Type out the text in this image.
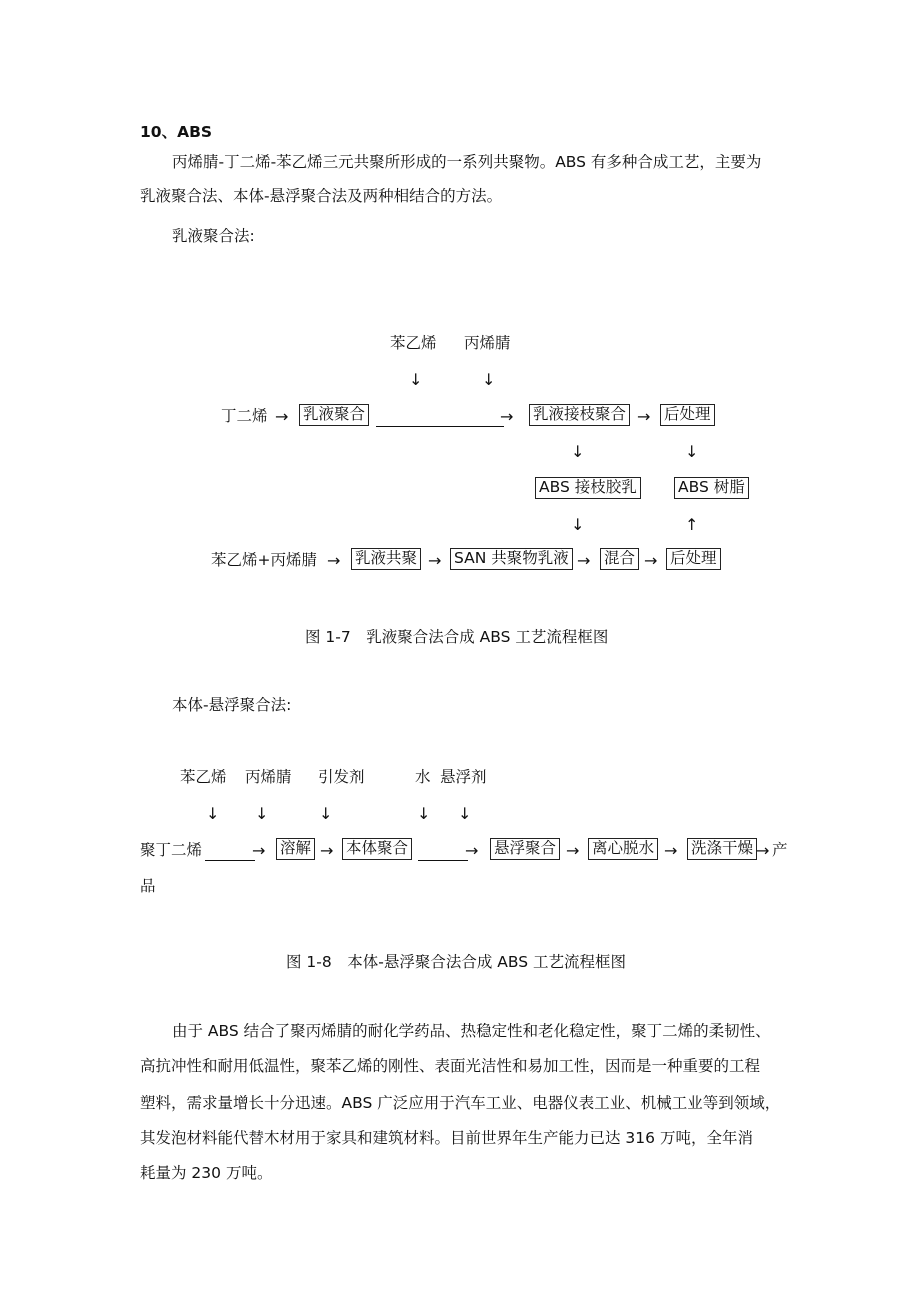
10、ABS
丙烯腈-丁二烯-苯乙烯三元共聚所形成的一系列共聚物。ABS 有多种合成工艺，主要为
乳液聚合法、本体-悬浮聚合法及两种相结合的方法。
乳液聚合法:
苯乙烯 丙烯腈
↓	↓
丁二烯 → 乳液聚合	→ 乳液接枝聚合 → 后处理
↓	↓
ABS 接枝胶乳	ABS 树脂
↓	↑
苯乙烯+丙烯腈 → 乳液共聚 → SAN 共聚物乳液 → 混合 → 后处理
图 1-7　乳液聚合法合成 ABS 工艺流程框图
本体-悬浮聚合法:
苯乙烯 丙烯腈 引发剂	水 悬浮剂
↓ ↓	↓	↓ ↓
聚丁二烯	→ 溶解 → 本体聚合	→ 悬浮聚合 → 离心脱水 → 洗涤干燥 → 产
品
图 1-8　本体-悬浮聚合法合成 ABS 工艺流程框图
由于 ABS 结合了聚丙烯腈的耐化学药品、热稳定性和老化稳定性，聚丁二烯的柔韧性、
高抗冲性和耐用低温性，聚苯乙烯的刚性、表面光洁性和易加工性，因而是一种重要的工程
塑料，需求量增长十分迅速。ABS 广泛应用于汽车工业、电器仪表工业、机械工业等到领域，
其发泡材料能代替木材用于家具和建筑材料。目前世界年生产能力已达 316 万吨，全年消
耗量为 230 万吨。
